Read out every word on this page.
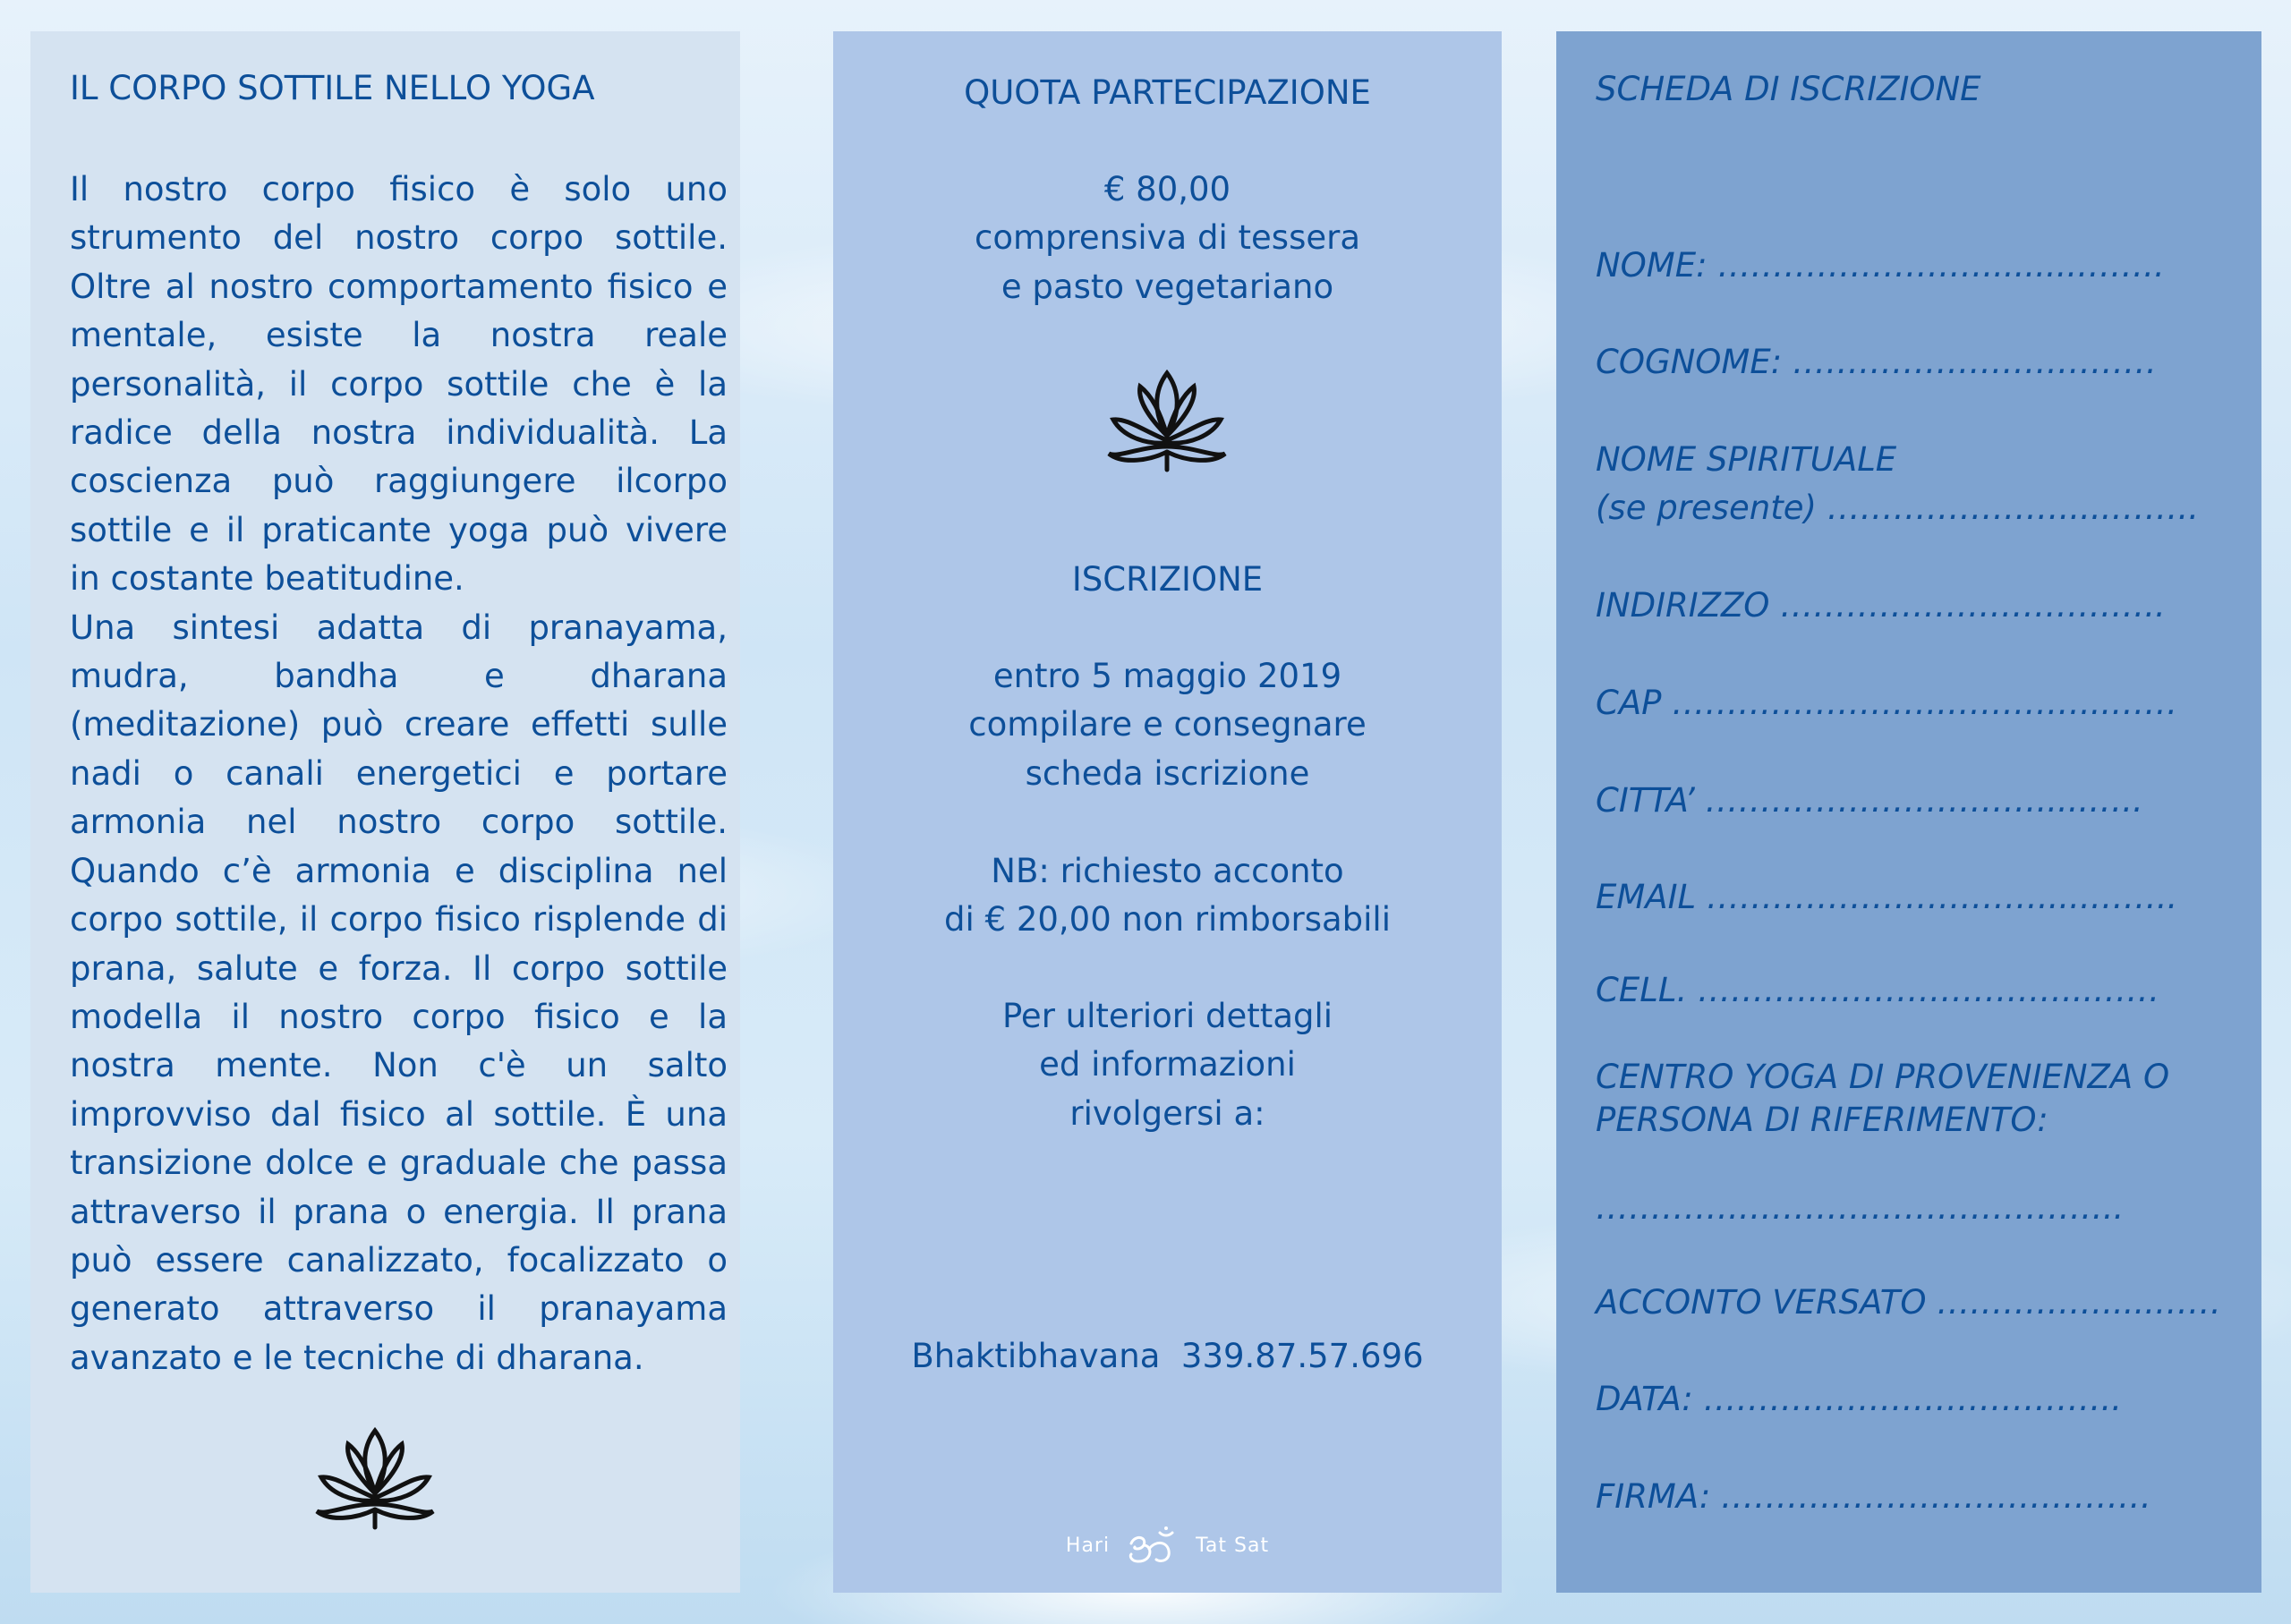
IL CORPO SOTTILE NELLO YOGA

Il nostro corpo fisico è solo uno strumento del nostro corpo sottile. Oltre al nostro comportamento fisico e mentale, esiste la nostra reale personalità, il corpo sottile che è la radice della nostra individualità. La coscienza può raggiungere ilcorpo sottile e il praticante yoga può vivere in costante beatitudine.

Una sintesi adatta di pranayama, mudra, bandha e dharana (meditazione) può creare effetti sulle nadi o canali energetici e portare armonia nel nostro corpo sottile. Quando c’è armonia e disciplina nel corpo sottile, il corpo fisico risplende di prana, salute e forza. Il corpo sottile modella il nostro corpo fisico e la nostra mente. Non c'è un salto improvviso dal fisico al sottile. È una transizione dolce e graduale che passa attraverso il prana o energia. Il prana può essere canalizzato, focalizzato o generato attraverso il pranayama avanzato e le tecniche di dharana.

QUOTA PARTECIPAZIONE
€ 80,00
comprensiva di tessera
e pasto vegetariano
ISCRIZIONE
entro 5 maggio 2019
compilare e consegnare
scheda iscrizione
NB: richiesto acconto
di € 20,00 non rimborsabili
Per ulteriori dettagli
ed informazioni
rivolgersi a:
Bhaktibhavana  339.87.57.696
Hari	Tat Sat
SCHEDA DI ISCRIZIONE
NOME: …………………….........……..
COGNOME: ……………………………
NOME SPIRITUALE
(se presente) ………………….....……..
INDIRIZZO ……………………………..
CAP …………………….…………...……
CITTA’ ………………………….....…..
EMAIL ………………………….....……..
CELL. ……………………………...……
CENTRO YOGA DI PROVENIENZA O
PERSONA DI RIFERIMENTO:
………….……………………………..
ACCONTO VERSATO …………….....……
DATA: ………………………………..
FIRMA: …………………………………
